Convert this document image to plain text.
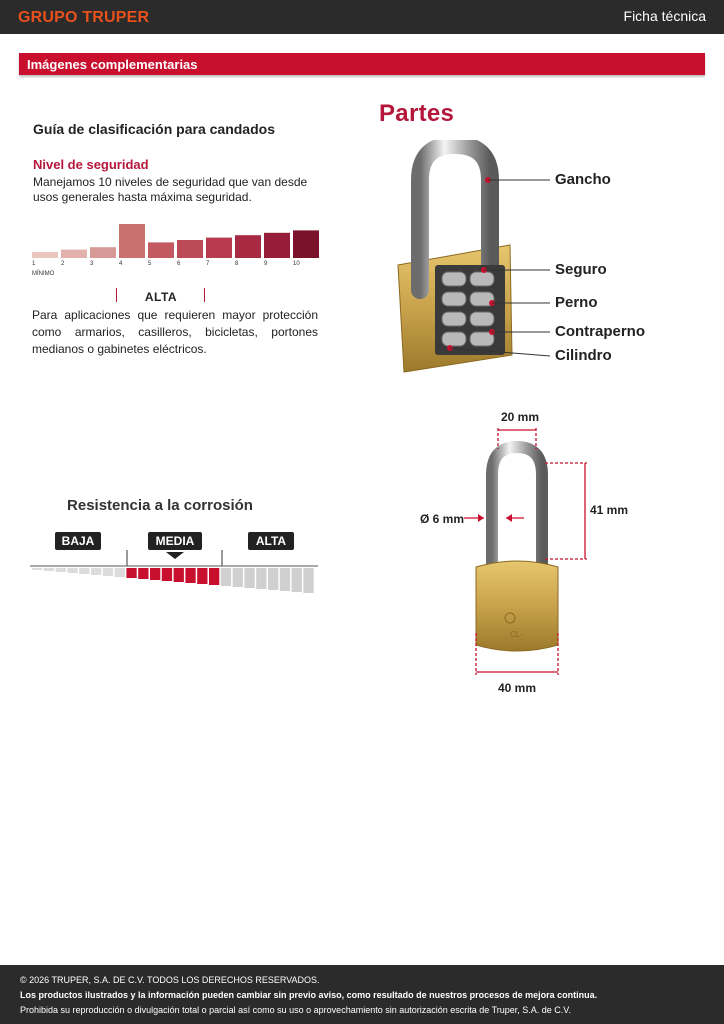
GRUPO TRUPER	Ficha técnica
Imágenes complementarias
Guía de clasificación para candados
Nivel de seguridad
Manejamos 10 niveles de seguridad que van desde usos generales hasta máxima seguridad.
1	2	3	4	5	6	7	8	9	10
MÍNIMO
ALTA
Para aplicaciones que requieren mayor protección como armarios, casilleros, bicicletas, portones medianos o gabinetes eléctricos.
Resistencia a la corrosión
BAJA	MEDIA	ALTA
Partes
Gancho
Seguro
Perno
Contraperno
Cilindro
CL-
20 mm
Ø 6 mm
41 mm
40 mm
© 2026 TRUPER, S.A. DE C.V. TODOS LOS DERECHOS RESERVADOS.
Los productos ilustrados y la información pueden cambiar sin previo aviso, como resultado de nuestros procesos de mejora continua.
Prohibida su reproducción o divulgación total o parcial así como su uso o aprovechamiento sin autorización escrita de Truper, S.A. de C.V.
